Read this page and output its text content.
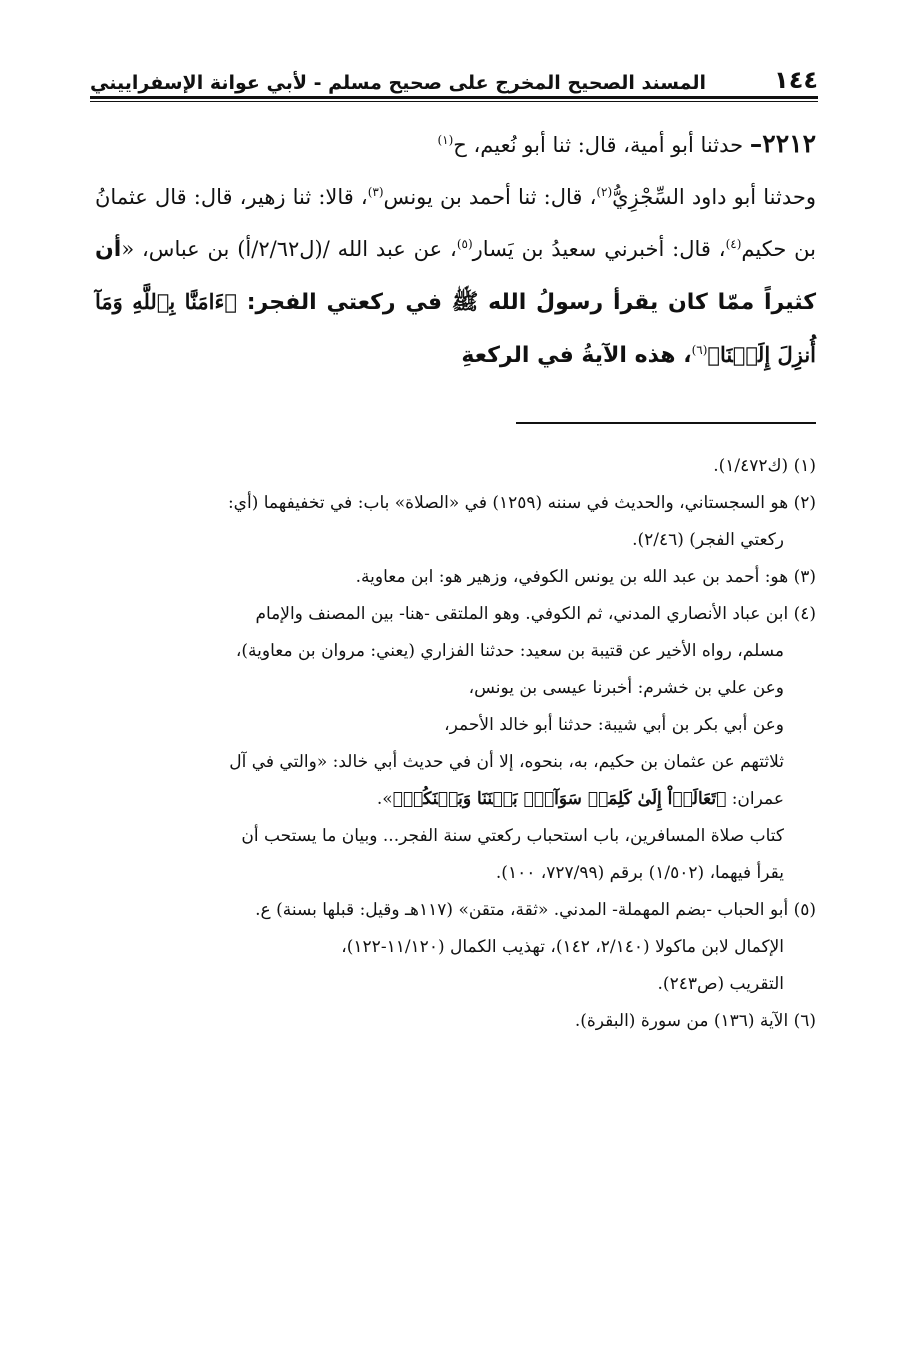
١٤٤
المسند الصحيح المخرج على صحيح مسلم - لأبي عوانة الإسفراييني

٢٢١٢– حدثنا أبو أمية، قال: ثنا أبو نُعيم، ح$^{(١)}$

وحدثنا أبو داود السِّجْزِيُّ$^{(٢)}$، قال: ثنا أحمد بن يونس$^{(٣)}$، قالا: ثنا زهير، قال: قال عثمانُ بن حكيم$^{(٤)}$، قال: أخبرني سعيدُ بن يَسار$^{(٥)}$، عن عبد الله /(ل٢/٦٢/أ) بن عباس، «أن كثيراً ممّا كان يقرأ رسولُ الله ﷺ في ركعتي الفجر: ﴿ءَامَنَّا بِٱللَّهِ وَمَآ أُنزِلَ إِلَيۡنَا﴾$^{(٦)}$، هذه الآيةُ في الركعةِ

(١) (ك١/٤٧٢).

(٢) هو السجستاني، والحديث في سننه (١٢٥٩) في «الصلاة» باب: في تخفيفهما (أي:

ركعتي الفجر) (٢/٤٦).

(٣) هو: أحمد بن عبد الله بن يونس الكوفي، وزهير هو: ابن معاوية.

(٤) ابن عباد الأنصاري المدني، ثم الكوفي. وهو الملتقى -هنا- بين المصنف والإمام

مسلم، رواه الأخير عن قتيبة بن سعيد: حدثنا الفزاري (يعني: مروان بن معاوية)،

وعن علي بن خشرم: أخبرنا عيسى بن يونس،

وعن أبي بكر بن أبي شيبة: حدثنا أبو خالد الأحمر،

ثلاثتهم عن عثمان بن حكيم، به، بنحوه، إلا أن في حديث أبي خالد: «والتي في آل

عمران: ﴿تَعَالَوۡاْ إِلَىٰ كَلِمَةٖ سَوَآءِۭ بَيۡنَنَا وَبَيۡنَكُمۡ﴾».

كتاب صلاة المسافرين، باب استحباب ركعتي سنة الفجر... وبيان ما يستحب أن

يقرأ فيهما، (١/٥٠٢) برقم (٧٢٧/٩٩، ١٠٠).

(٥) أبو الحباب -بضم المهملة- المدني. «ثقة، متقن» (١١٧هـ وقيل: قبلها بسنة) ع.

الإكمال لابن ماكولا (٢/١٤٠، ١٤٢)، تهذيب الكمال (١١/١٢٠-١٢٢)،

التقريب (ص٢٤٣).

(٦) الآية (١٣٦) من سورة (البقرة).
